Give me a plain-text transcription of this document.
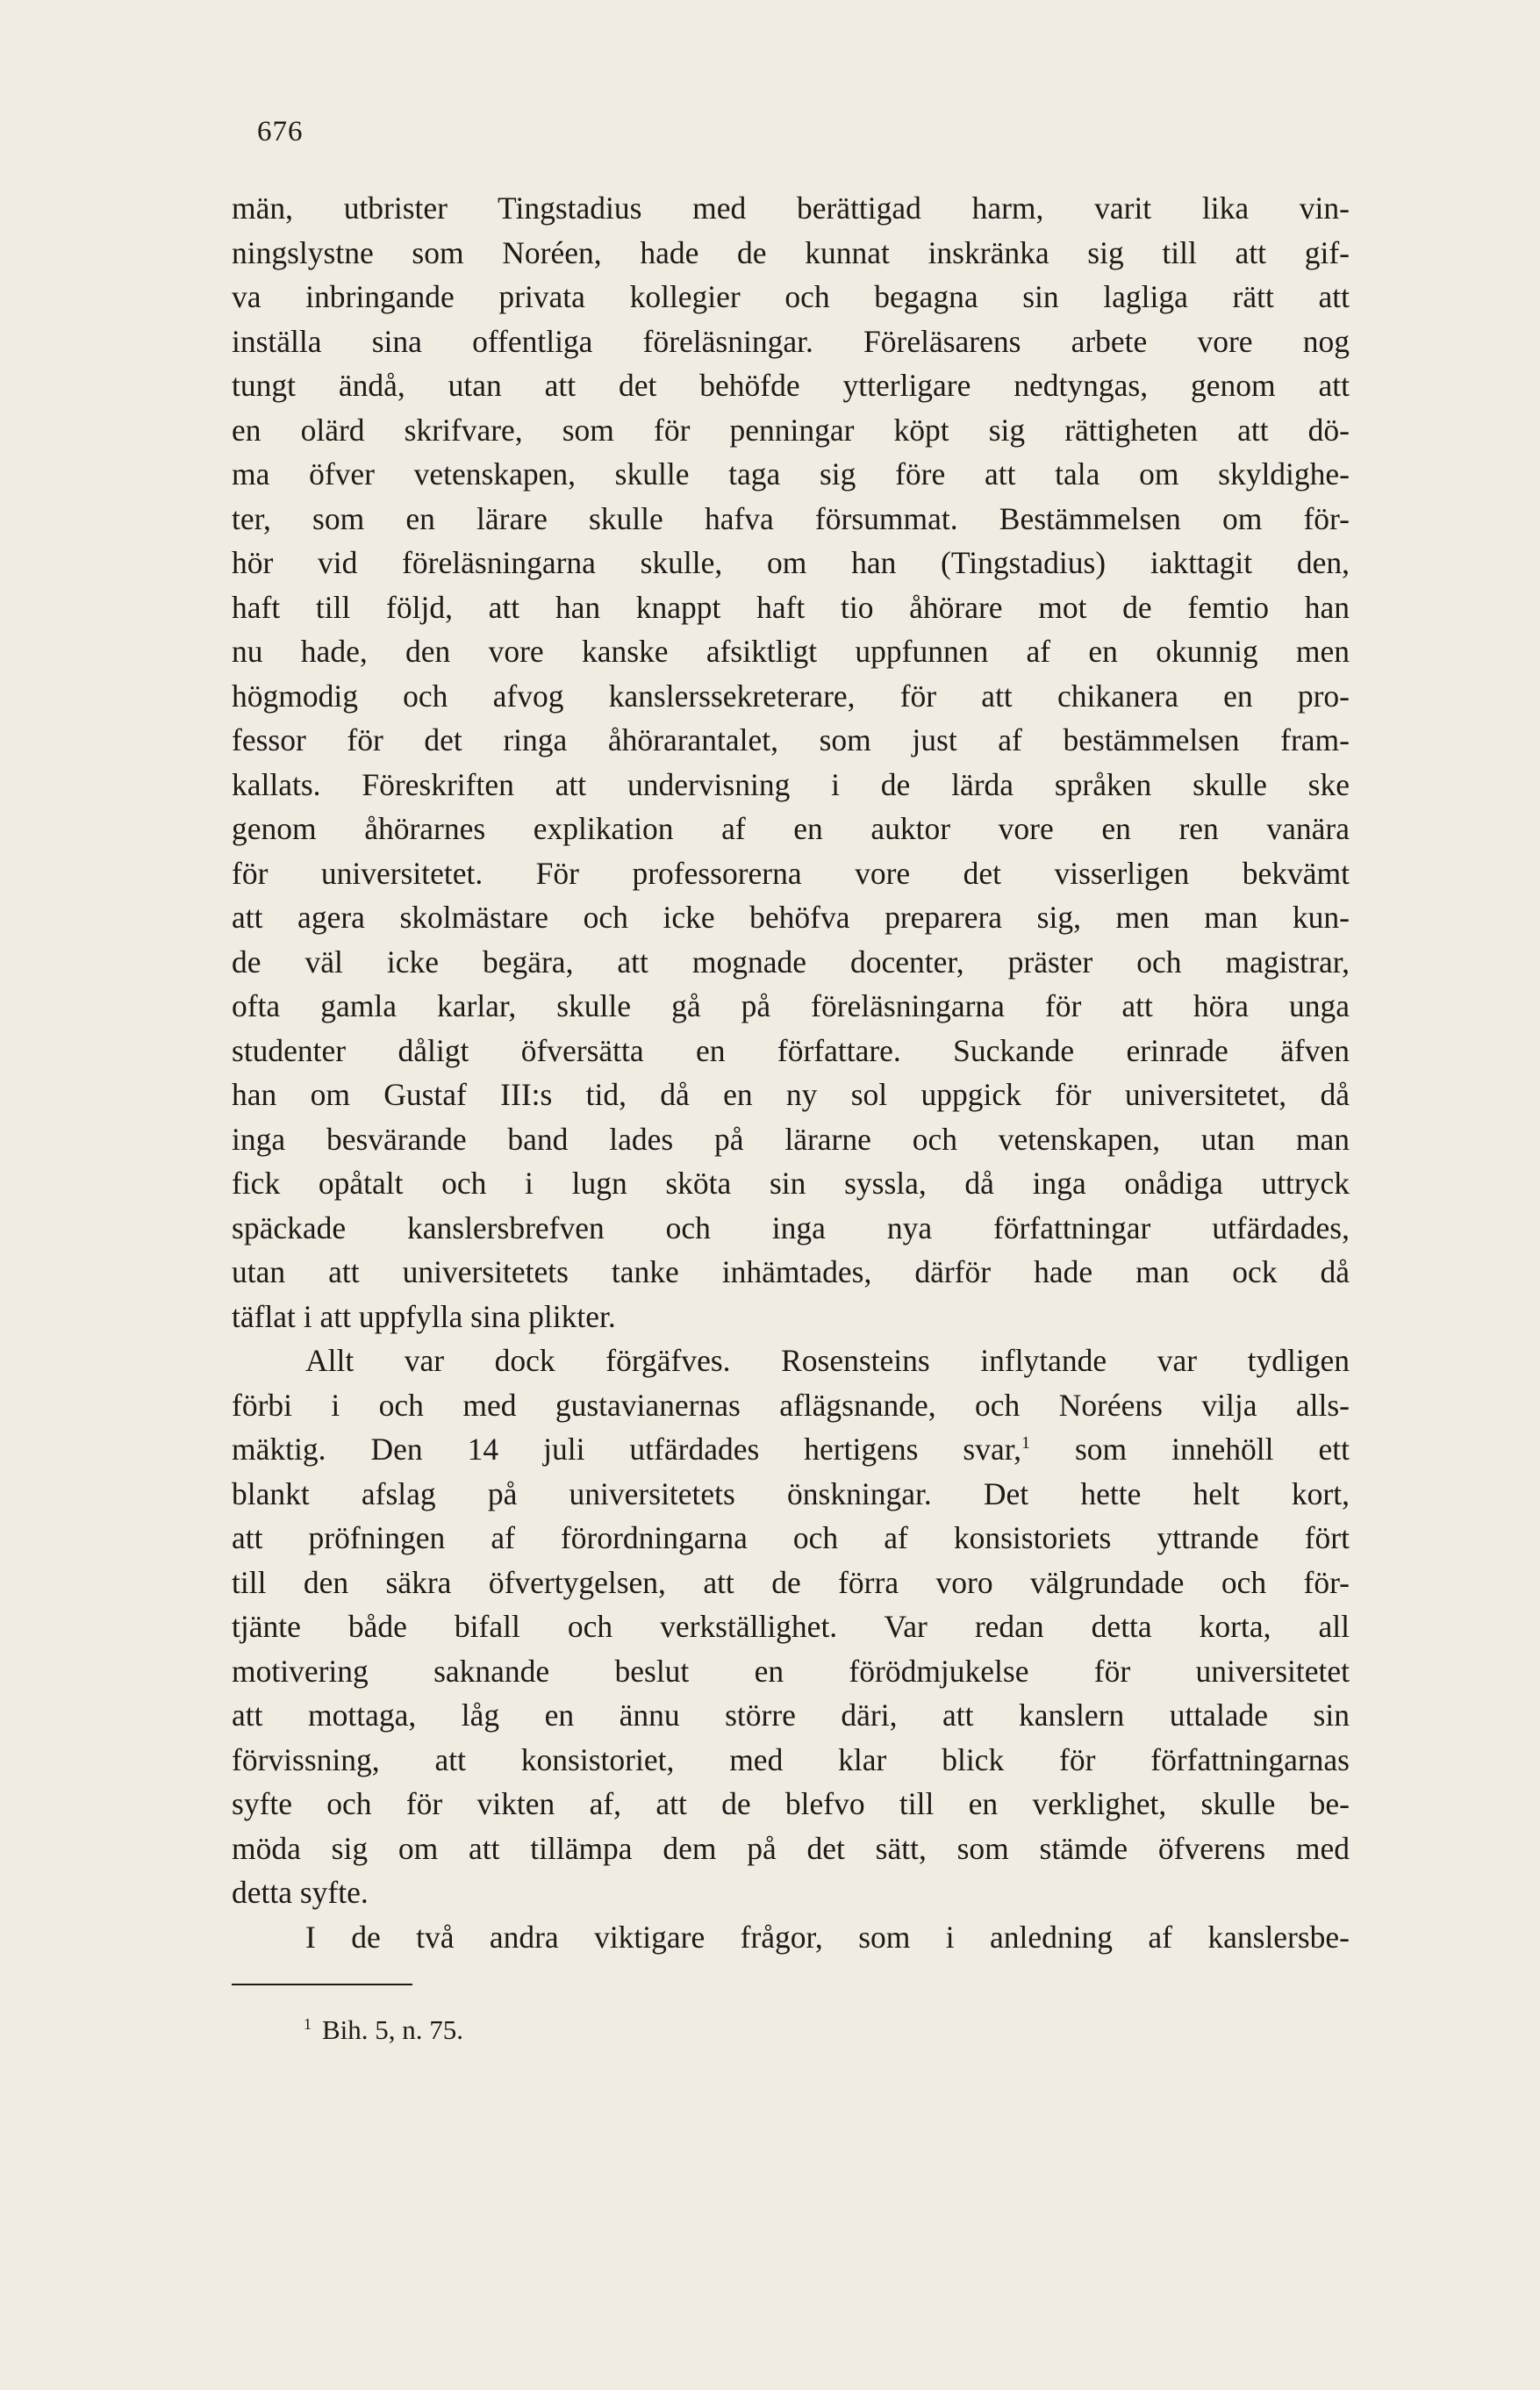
676
män, utbrister Tingstadius med berättigad harm, varit lika vin-
ningslystne som Noréen, hade de kunnat inskränka sig till att gif-
va inbringande privata kollegier och begagna sin lagliga rätt att
inställa sina offentliga föreläsningar. Föreläsarens arbete vore nog
tungt ändå, utan att det behöfde ytterligare nedtyngas, genom att
en olärd skrifvare, som för penningar köpt sig rättigheten att dö-
ma öfver vetenskapen, skulle taga sig före att tala om skyldighe-
ter, som en lärare skulle hafva försummat. Bestämmelsen om för-
hör vid föreläsningarna skulle, om han (Tingstadius) iakttagit den,
haft till följd, att han knappt haft tio åhörare mot de femtio han
nu hade, den vore kanske afsiktligt uppfunnen af en okunnig men
högmodig och afvog kanslerssekreterare, för att chikanera en pro-
fessor för det ringa åhörarantalet, som just af bestämmelsen fram-
kallats. Föreskriften att undervisning i de lärda språken skulle ske
genom åhörarnes explikation af en auktor vore en ren vanära
för universitetet. För professorerna vore det visserligen bekvämt
att agera skolmästare och icke behöfva preparera sig, men man kun-
de väl icke begära, att mognade docenter, präster och magistrar,
ofta gamla karlar, skulle gå på föreläsningarna för att höra unga
studenter dåligt öfversätta en författare. Suckande erinrade äfven
han om Gustaf III:s tid, då en ny sol uppgick för universitetet, då
inga besvärande band lades på lärarne och vetenskapen, utan man
fick opåtalt och i lugn sköta sin syssla, då inga onådiga uttryck
späckade kanslersbrefven och inga nya författningar utfärdades,
utan att universitetets tanke inhämtades, därför hade man ock då
täflat i att uppfylla sina plikter.
Allt var dock förgäfves. Rosensteins inflytande var tydligen
förbi i och med gustavianernas aflägsnande, och Noréens vilja alls-
mäktig. Den 14 juli utfärdades hertigens svar,$^1$ som innehöll ett
blankt afslag på universitetets önskningar. Det hette helt kort,
att pröfningen af förordningarna och af konsistoriets yttrande fört
till den säkra öfvertygelsen, att de förra voro välgrundade och för-
tjänte både bifall och verkställighet. Var redan detta korta, all
motivering saknande beslut en förödmjukelse för universitetet
att mottaga, låg en ännu större däri, att kanslern uttalade sin
förvissning, att konsistoriet, med klar blick för författningarnas
syfte och för vikten af, att de blefvo till en verklighet, skulle be-
möda sig om att tillämpa dem på det sätt, som stämde öfverens med
detta syfte.
I de två andra viktigare frågor, som i anledning af kanslersbe-
$^1$ Bih. 5, n. 75.
